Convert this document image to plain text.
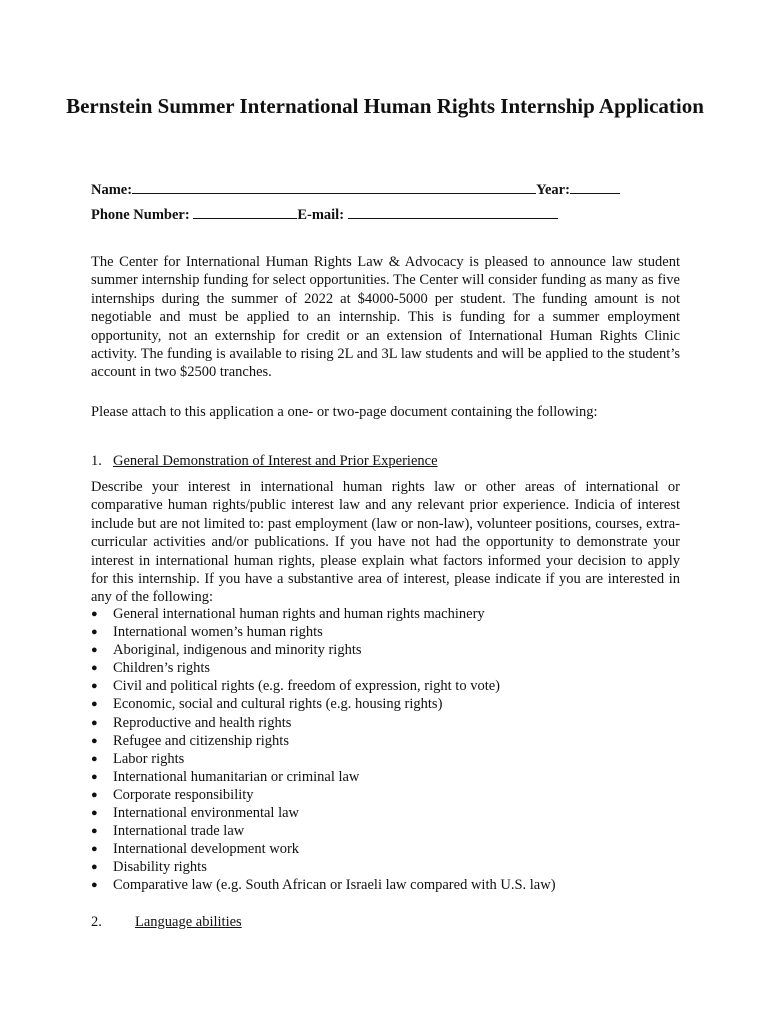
Bernstein Summer International Human Rights Internship Application
Name:	Year:
Phone Number:	E-mail:

The Center for International Human Rights Law & Advocacy is pleased to announce law student summer internship funding for select opportunities. The Center will consider funding as many as five internships during the summer of 2022 at $4000-5000 per student. The funding amount is not negotiable and must be applied to an internship. This is funding for a summer employment opportunity, not an externship for credit or an extension of International Human Rights Clinic activity. The funding is available to rising 2L and 3L law students and will be applied to the student’s account in two $2500 tranches.

Please attach to this application a one- or two-page document containing the following:

1. General Demonstration of Interest and Prior Experience

Describe your interest in international human rights law or other areas of international or comparative human rights/public interest law and any relevant prior experience. Indicia of interest include but are not limited to: past employment (law or non-law), volunteer positions, courses, extra-curricular activities and/or publications. If you have not had the opportunity to demonstrate your interest in international human rights, please explain what factors informed your decision to apply for this internship. If you have a substantive area of interest, please indicate if you are interested in any of the following:

● General international human rights and human rights machinery
● International women’s human rights
● Aboriginal, indigenous and minority rights
● Children’s rights
● Civil and political rights (e.g. freedom of expression, right to vote)
● Economic, social and cultural rights (e.g. housing rights)
● Reproductive and health rights
● Refugee and citizenship rights
● Labor rights
● International humanitarian or criminal law
● Corporate responsibility
● International environmental law
● International trade law
● International development work
● Disability rights
● Comparative law (e.g. South African or Israeli law compared with U.S. law)
2. Language abilities
